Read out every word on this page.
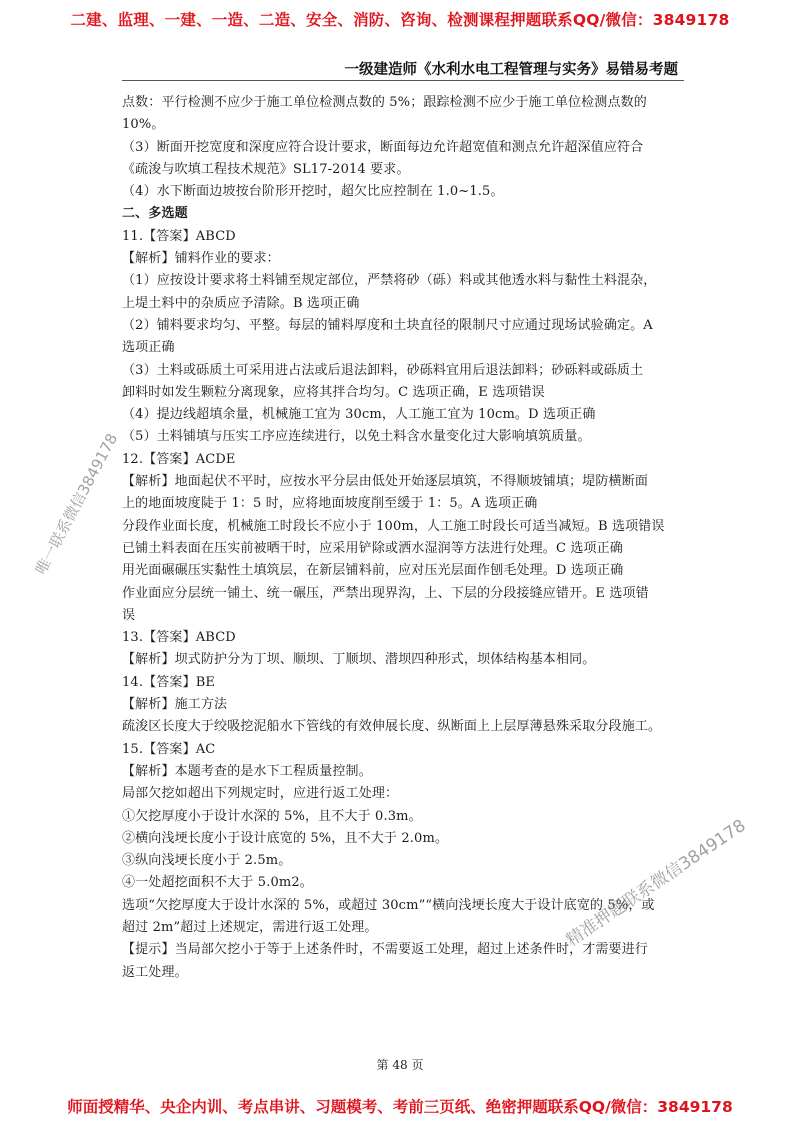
二建、监理、一建、一造、二造、安全、消防、咨询、检测课程押题联系QQ/微信：3849178
一级建造师《水利水电工程管理与实务》易错易考题
点数：平行检测不应少于施工单位检测点数的 5%；跟踪检测不应少于施工单位检测点数的
10%。
（3）断面开挖宽度和深度应符合设计要求，断面每边允许超宽值和测点允许超深值应符合
《疏浚与吹填工程技术规范》SL17-2014 要求。
（4）水下断面边坡按台阶形开挖时，超欠比应控制在 1.0~1.5。
二、多选题
11.【答案】ABCD
【解析】铺料作业的要求：
（1）应按设计要求将土料铺至规定部位，严禁将砂（砾）料或其他透水料与黏性土料混杂，
上堤土料中的杂质应予清除。B 选项正确
（2）铺料要求均匀、平整。每层的铺料厚度和土块直径的限制尺寸应通过现场试验确定。A
选项正确
（3）土料或砾质土可采用进占法或后退法卸料，砂砾料宜用后退法卸料；砂砾料或砾质土
卸料时如发生颗粒分离现象，应将其拌合均匀。C 选项正确，E 选项错误
（4）提边线超填余量，机械施工宜为 30cm，人工施工宜为 10cm。D 选项正确
（5）土料铺填与压实工序应连续进行，以免土料含水量变化过大影响填筑质量。
12.【答案】ACDE
【解析】地面起伏不平时，应按水平分层由低处开始逐层填筑，不得顺坡铺填；堤防横断面
上的地面坡度陡于 1：5 时，应将地面坡度削至缓于 1：5。A 选项正确
分段作业面长度，机械施工时段长不应小于 100m，人工施工时段长可适当减短。B 选项错误
已铺土料表面在压实前被晒干时，应采用铲除或洒水湿润等方法进行处理。C 选项正确
用光面碾碾压实黏性土填筑层，在新层铺料前，应对压光层面作刨毛处理。D 选项正确
作业面应分层统一铺土、统一碾压，严禁出现界沟，上、下层的分段接缝应错开。E 选项错
误
13.【答案】ABCD
【解析】坝式防护分为丁坝、顺坝、丁顺坝、潜坝四种形式，坝体结构基本相同。
14.【答案】BE
【解析】施工方法
疏浚区长度大于绞吸挖泥船水下管线的有效伸展长度、纵断面上上层厚薄悬殊采取分段施工。
15.【答案】AC
【解析】本题考查的是水下工程质量控制。
局部欠挖如超出下列规定时，应进行返工处理：
①欠挖厚度小于设计水深的 5%，且不大于 0.3m。
②横向浅埂长度小于设计底宽的 5%，且不大于 2.0m。
③纵向浅埂长度小于 2.5m。
④一处超挖面积不大于 5.0m2。
选项“欠挖厚度大于设计水深的 5%，或超过 30cm”“横向浅埂长度大于设计底宽的 5%，或
超过 2m”超过上述规定，需进行返工处理。
【提示】当局部欠挖小于等于上述条件时，不需要返工处理，超过上述条件时，才需要进行
返工处理。
唯一联系微信3849178
精准押题联系微信3849178
第 48 页
师面授精华、央企内训、考点串讲、习题模考、考前三页纸、绝密押题联系QQ/微信：3849178
